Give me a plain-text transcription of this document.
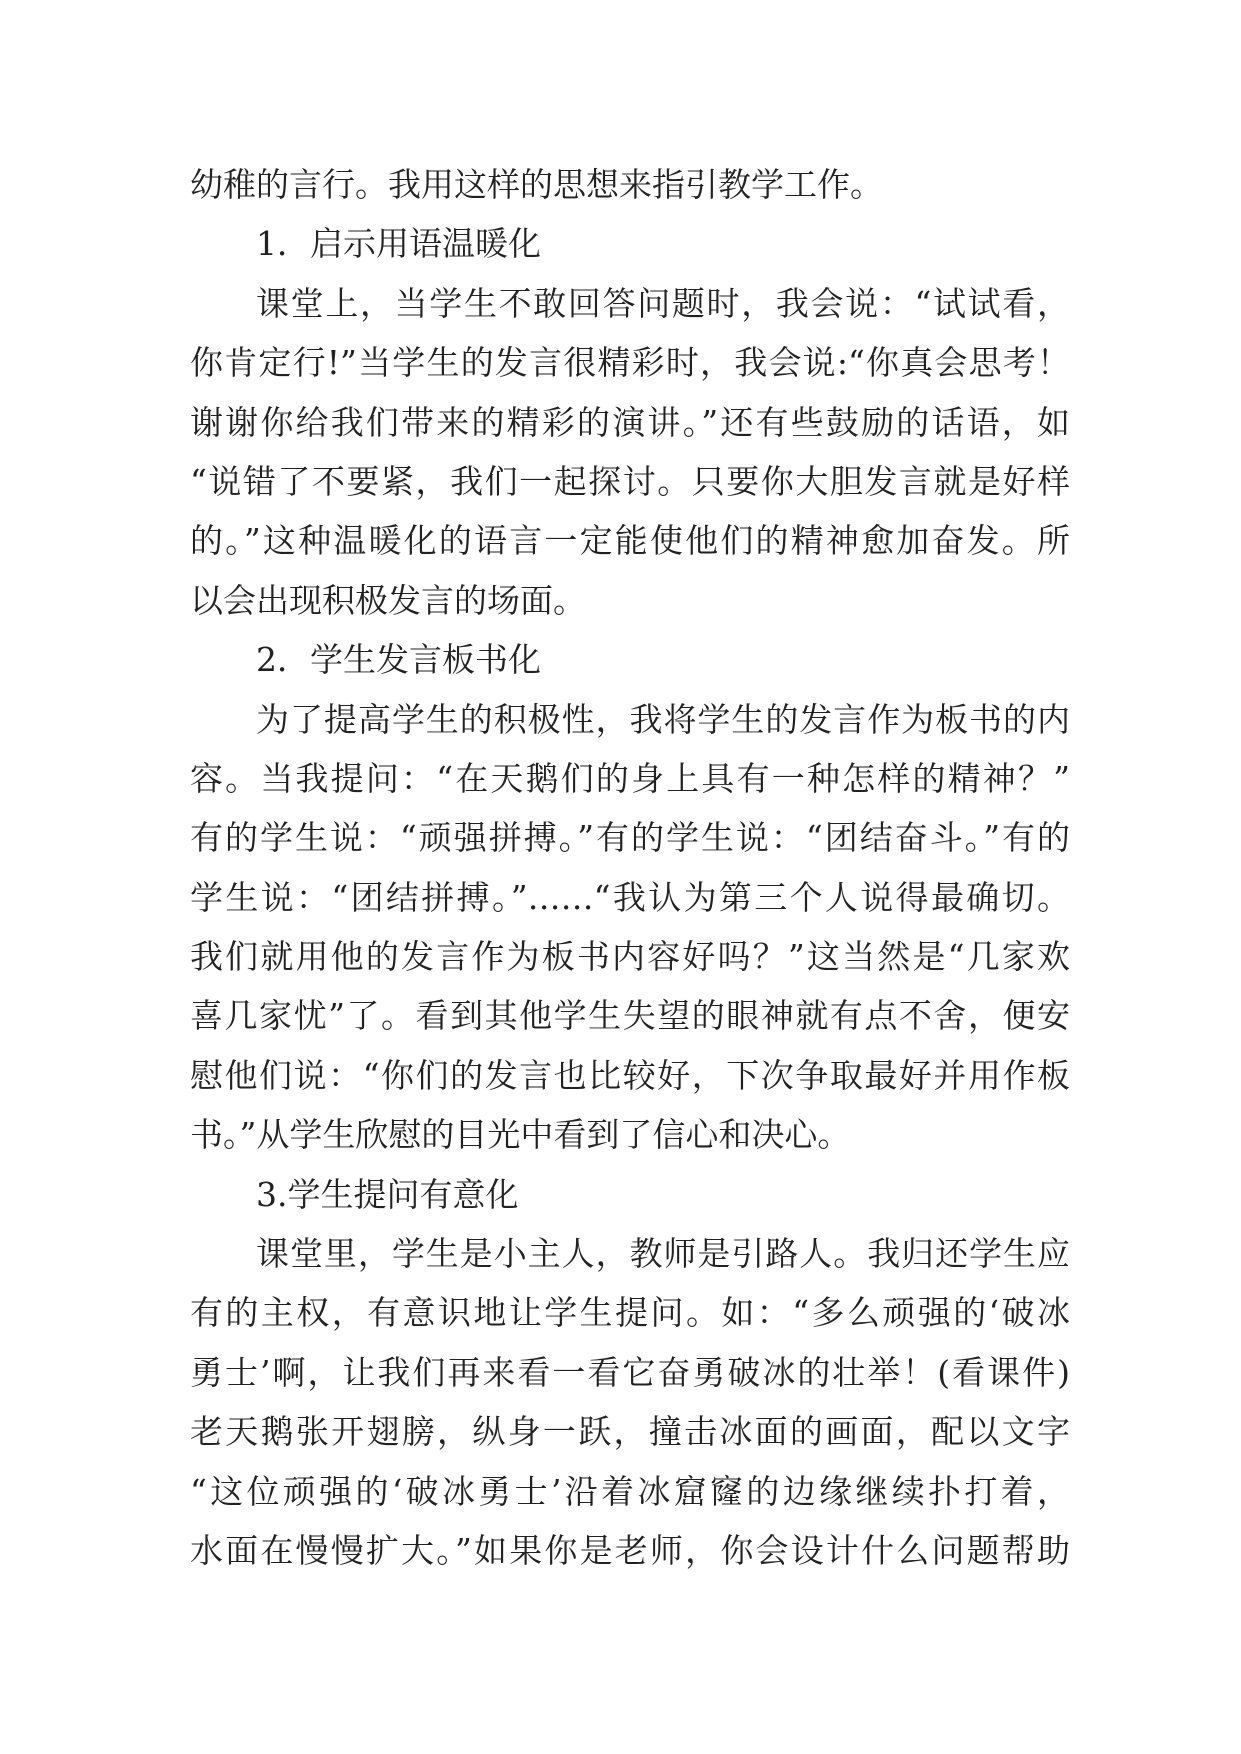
幼稚的言行。我用这样的思想来指引教学工作。
1．启示用语温暖化
课堂上，当学生不敢回答问题时，我会说：“试试看，
你肯定行!”当学生的发言很精彩时，我会说:“你真会思考！
谢谢你给我们带来的精彩的演讲。”还有些鼓励的话语，如
“说错了不要紧，我们一起探讨。只要你大胆发言就是好样
的。”这种温暖化的语言一定能使他们的精神愈加奋发。所
以会出现积极发言的场面。
2．学生发言板书化
为了提高学生的积极性，我将学生的发言作为板书的内
容。当我提问：“在天鹅们的身上具有一种怎样的精神？”
有的学生说：“顽强拼搏。”有的学生说：“团结奋斗。”有的
学生说：“团结拼搏。”……“我认为第三个人说得最确切。
我们就用他的发言作为板书内容好吗？”这当然是“几家欢
喜几家忧”了。看到其他学生失望的眼神就有点不舍，便安
慰他们说：“你们的发言也比较好，下次争取最好并用作板
书。”从学生欣慰的目光中看到了信心和决心。
3.学生提问有意化
课堂里，学生是小主人，教师是引路人。我归还学生应
有的主权，有意识地让学生提问。如：“多么顽强的‘破冰
勇士’啊，让我们再来看一看它奋勇破冰的壮举！(看课件)
老天鹅张开翅膀，纵身一跃，撞击冰面的画面，配以文字
“这位顽强的‘破冰勇士’沿着冰窟窿的边缘继续扑打着，
水面在慢慢扩大。”如果你是老师，你会设计什么问题帮助
